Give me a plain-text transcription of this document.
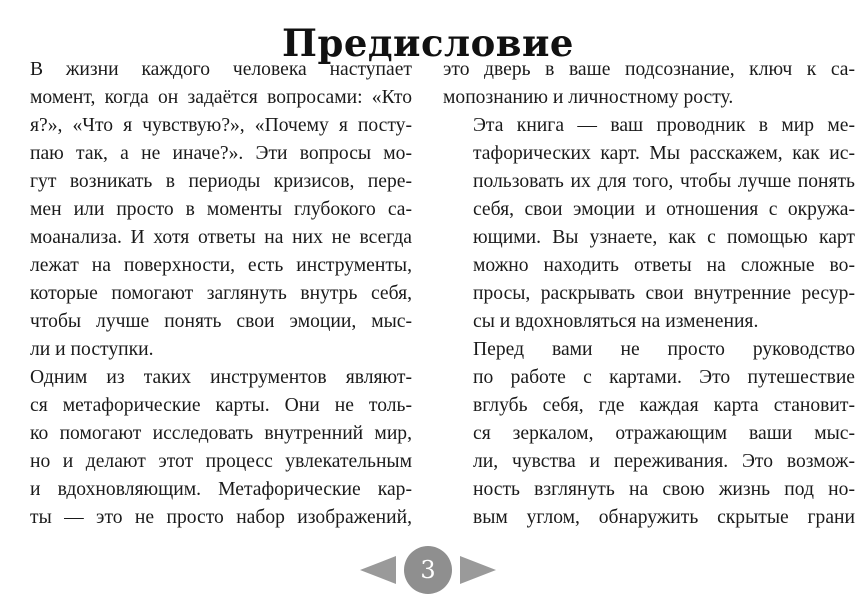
Предисловие

В жизни каждого человека наступает
момент, когда он задаётся вопросами: «Кто
я?», «Что я чувствую?», «Почему я посту-
паю так, а не иначе?». Эти вопросы мо-
гут возникать в периоды кризисов, пере-
мен или просто в моменты глубокого са-
моанализа. И хотя ответы на них не всегда
лежат на поверхности, есть инструменты,
которые помогают заглянуть внутрь себя,
чтобы лучше понять свои эмоции, мыс-
ли и поступки.

Одним из таких инструментов являют-
ся метафорические карты. Они не толь-
ко помогают исследовать внутренний мир,
но и делают этот процесс увлекательным
и вдохновляющим. Метафорические кар-
ты — это не просто набор изображений,

это дверь в ваше подсознание, ключ к са-
мопознанию и личностному росту.

Эта книга — ваш проводник в мир ме-
тафорических карт. Мы расскажем, как ис-
пользовать их для того, чтобы лучше понять
себя, свои эмоции и отношения с окружа-
ющими. Вы узнаете, как с помощью карт
можно находить ответы на сложные во-
просы, раскрывать свои внутренние ресур-
сы и вдохновляться на изменения.

Перед вами не просто руководство
по работе с картами. Это путешествие
вглубь себя, где каждая карта становит-
ся зеркалом, отражающим ваши мыс-
ли, чувства и переживания. Это возмож-
ность взглянуть на свою жизнь под но-
вым углом, обнаружить скрытые грани

3
